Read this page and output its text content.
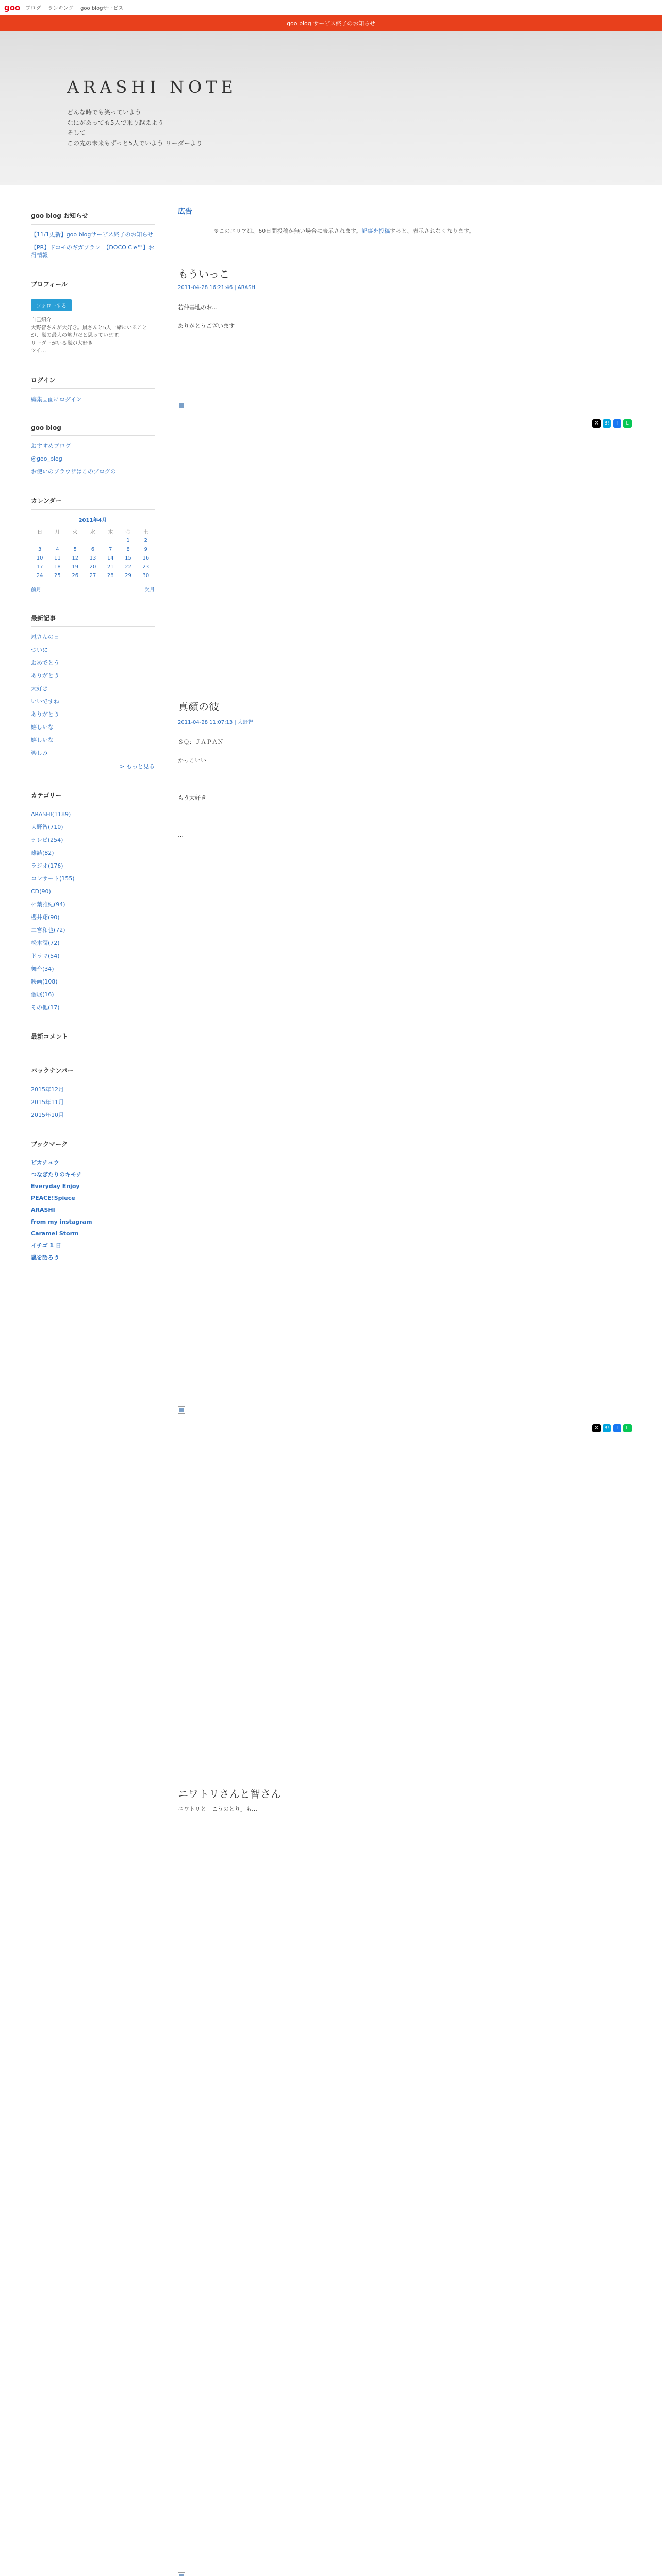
goo ブログ ランキング goo blogサービス
goo blog サービス終了のお知らせ
ARASHI NOTE
どんな時でも笑っていよう
なにがあっても5人で乗り越えよう
そして
この先の未来もずっと5人でいよう リーダーより
goo blog お知らせ
【11/1更新】goo blogサービス終了のお知らせ
【PR】ドコモのギガプラン　【DOCO Cle™】お得情報
プロフィール
フォローする
自己紹介
大野智さんが大好き。嵐さんと5人一緒にいることが、嵐の最大の魅力だと思っています。
リーダーがいる嵐が大好き。
ツイ…
ログイン
編集画面にログイン
goo blog
おすすめブログ
@goo_blog
お使いのブラウザはこのブログの
カレンダー
2011年4月
日	月	火	水	木	金	土
					1	2
3	4	5	6	7	8	9
10	11	12	13	14	15	16
17	18	19	20	21	22	23
24	25	26	27	28	29	30
前月	次月
最新記事
嵐さんの日
ついに
おめでとう
ありがとう
大好き
いいですね
ありがとう
嬉しいな
嬉しいな
楽しみ
> もっと見る
カテゴリー
ARASHI(1189)
大野智(710)
テレビ(254)
雑誌(82)
ラジオ(176)
コンサート(155)
CD(90)
相葉雅紀(94)
櫻井翔(90)
二宮和也(72)
松本潤(72)
ドラマ(54)
舞台(34)
映画(108)
個展(16)
その他(17)
最新コメント
バックナンバー
2015年12月
2015年11月
2015年10月
ブックマーク
ピカチュウ
つなぎたりのキモチ
Everyday Enjoy
PEACE!Spiece
ARASHI
from my instagram
Caramel Storm
イチゴ 1 日
嵐を語ろう
広告
※このエリアは、60日間投稿が無い場合に表示されます。記事を投稿すると、表示されなくなります。
もういっこ
2011-04-28 16:21:46 | ARASHI
若仲基地のお…

ありがとうございます

X	B!	f	L
真顔の彼
2011-04-28 11:07:13 | 大野智
ＳＱ：ＪＡＰＡＮ

かっこいい

もう大好き

…
X	B!	f	L
ニワトリさんと智さん
ニワトリと「こうのとり」も…
